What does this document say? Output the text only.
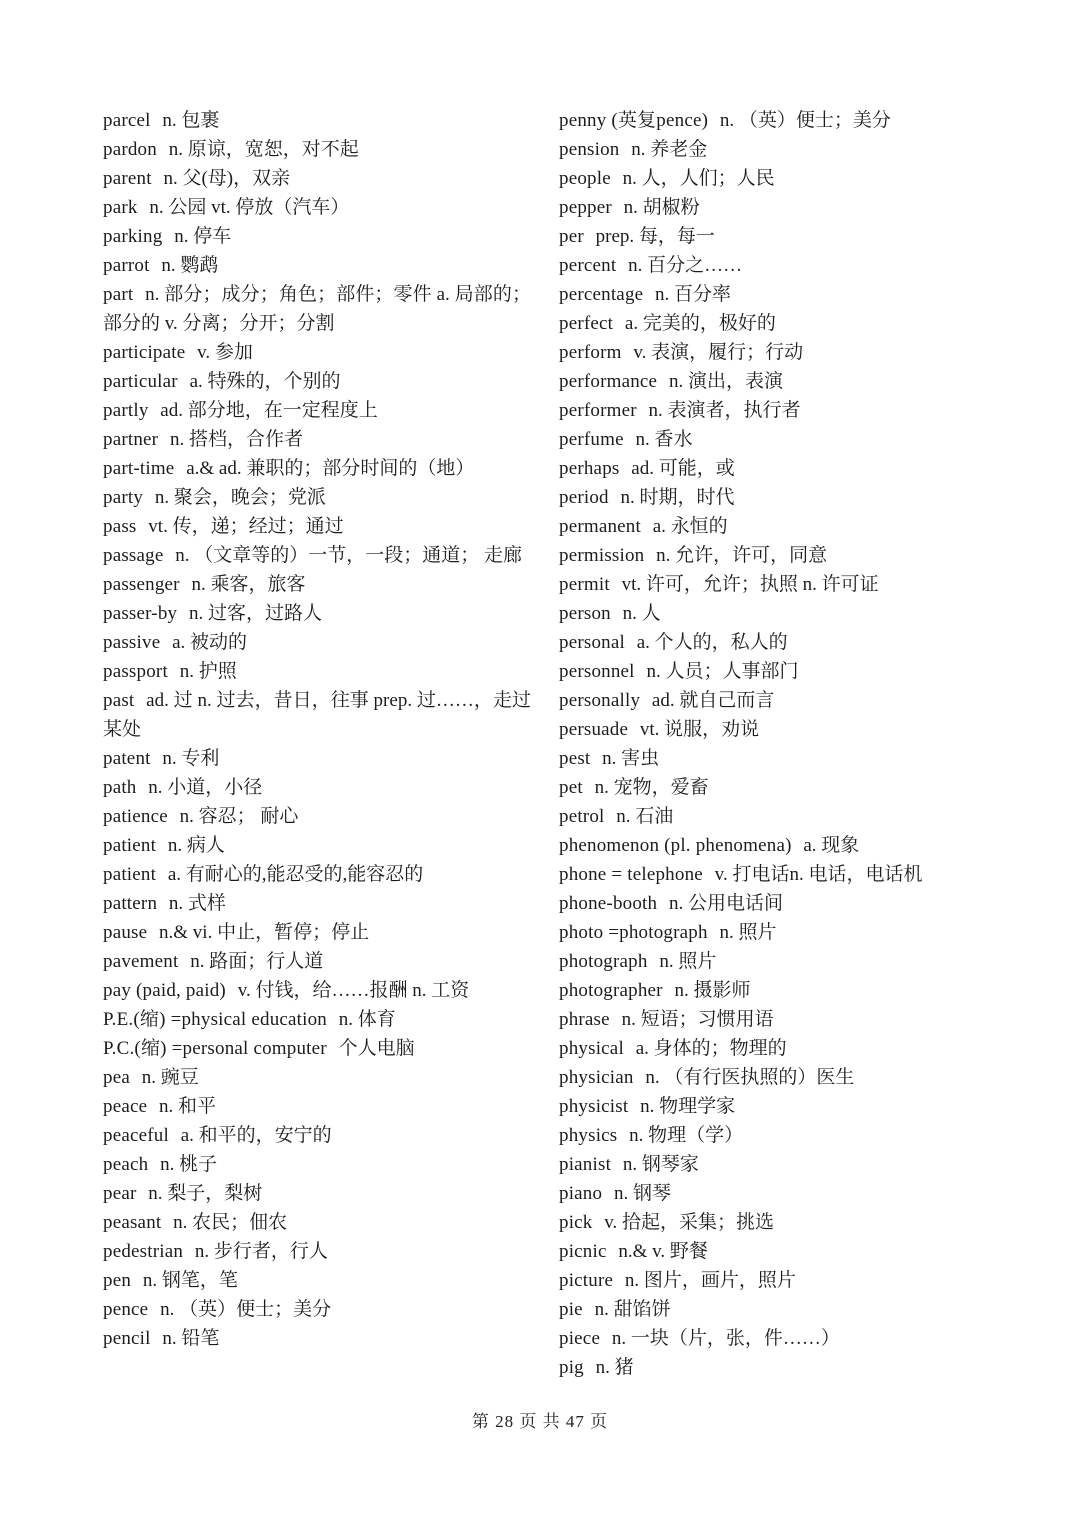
parcel n. 包裹
pardon n. 原谅，宽恕，对不起
parent n. 父(母)，双亲
park n. 公园 vt. 停放（汽车）
parking n. 停车
parrot n. 鹦鹉
part n. 部分；成分；角色；部件；零件 a. 局部的；部分的 v. 分离；分开；分割
participate v. 参加
particular a. 特殊的，个别的
partly ad. 部分地，在一定程度上
partner n. 搭档，合作者
part-time a.& ad. 兼职的；部分时间的（地）
party n. 聚会，晚会；党派
pass vt. 传，递；经过；通过
passage n. （文章等的）一节，一段；通道； 走廊
passenger n. 乘客，旅客
passer-by n. 过客，过路人
passive a. 被动的
passport n. 护照
past ad. 过 n. 过去，昔日，往事 prep. 过……，走过某处
patent n. 专利
path n. 小道，小径
patience n. 容忍； 耐心
patient n. 病人
patient a. 有耐心的,能忍受的,能容忍的
pattern n. 式样
pause n.& vi. 中止，暂停；停止
pavement n. 路面；行人道
pay (paid, paid) v. 付钱，给……报酬 n. 工资
P.E.(缩) =physical education n. 体育
P.C.(缩) =personal computer 个人电脑
pea n. 豌豆
peace n. 和平
peaceful a. 和平的，安宁的
peach n. 桃子
pear n. 梨子，梨树
peasant n. 农民；佃农
pedestrian n. 步行者，行人
pen n. 钢笔，笔
pence n. （英）便士；美分
pencil n. 铅笔
penny (英复pence) n. （英）便士；美分
pension n. 养老金
people n. 人，人们；人民
pepper n. 胡椒粉
per prep. 每，每一
percent n. 百分之……
percentage n. 百分率
perfect a. 完美的，极好的
perform v. 表演，履行；行动
performance n. 演出，表演
performer n. 表演者，执行者
perfume n. 香水
perhaps ad. 可能，或
period n. 时期，时代
permanent a. 永恒的
permission n. 允许，许可，同意
permit vt. 许可，允许；执照 n. 许可证
person n. 人
personal a. 个人的，私人的
personnel n. 人员；人事部门
personally ad. 就自己而言
persuade vt. 说服，劝说
pest n. 害虫
pet n. 宠物，爱畜
petrol n. 石油
phenomenon (pl. phenomena) a. 现象
phone = telephone v. 打电话n. 电话，电话机
phone-booth n. 公用电话间
photo =photograph n. 照片
photograph n. 照片
photographer n. 摄影师
phrase n. 短语；习惯用语
physical a. 身体的；物理的
physician n. （有行医执照的）医生
physicist n. 物理学家
physics n. 物理（学）
pianist n. 钢琴家
piano n. 钢琴
pick v. 拾起，采集；挑选
picnic n.& v. 野餐
picture n. 图片，画片，照片
pie n. 甜馅饼
piece n. 一块（片，张，件……）
pig n. 猪
第 28 页 共 47 页
